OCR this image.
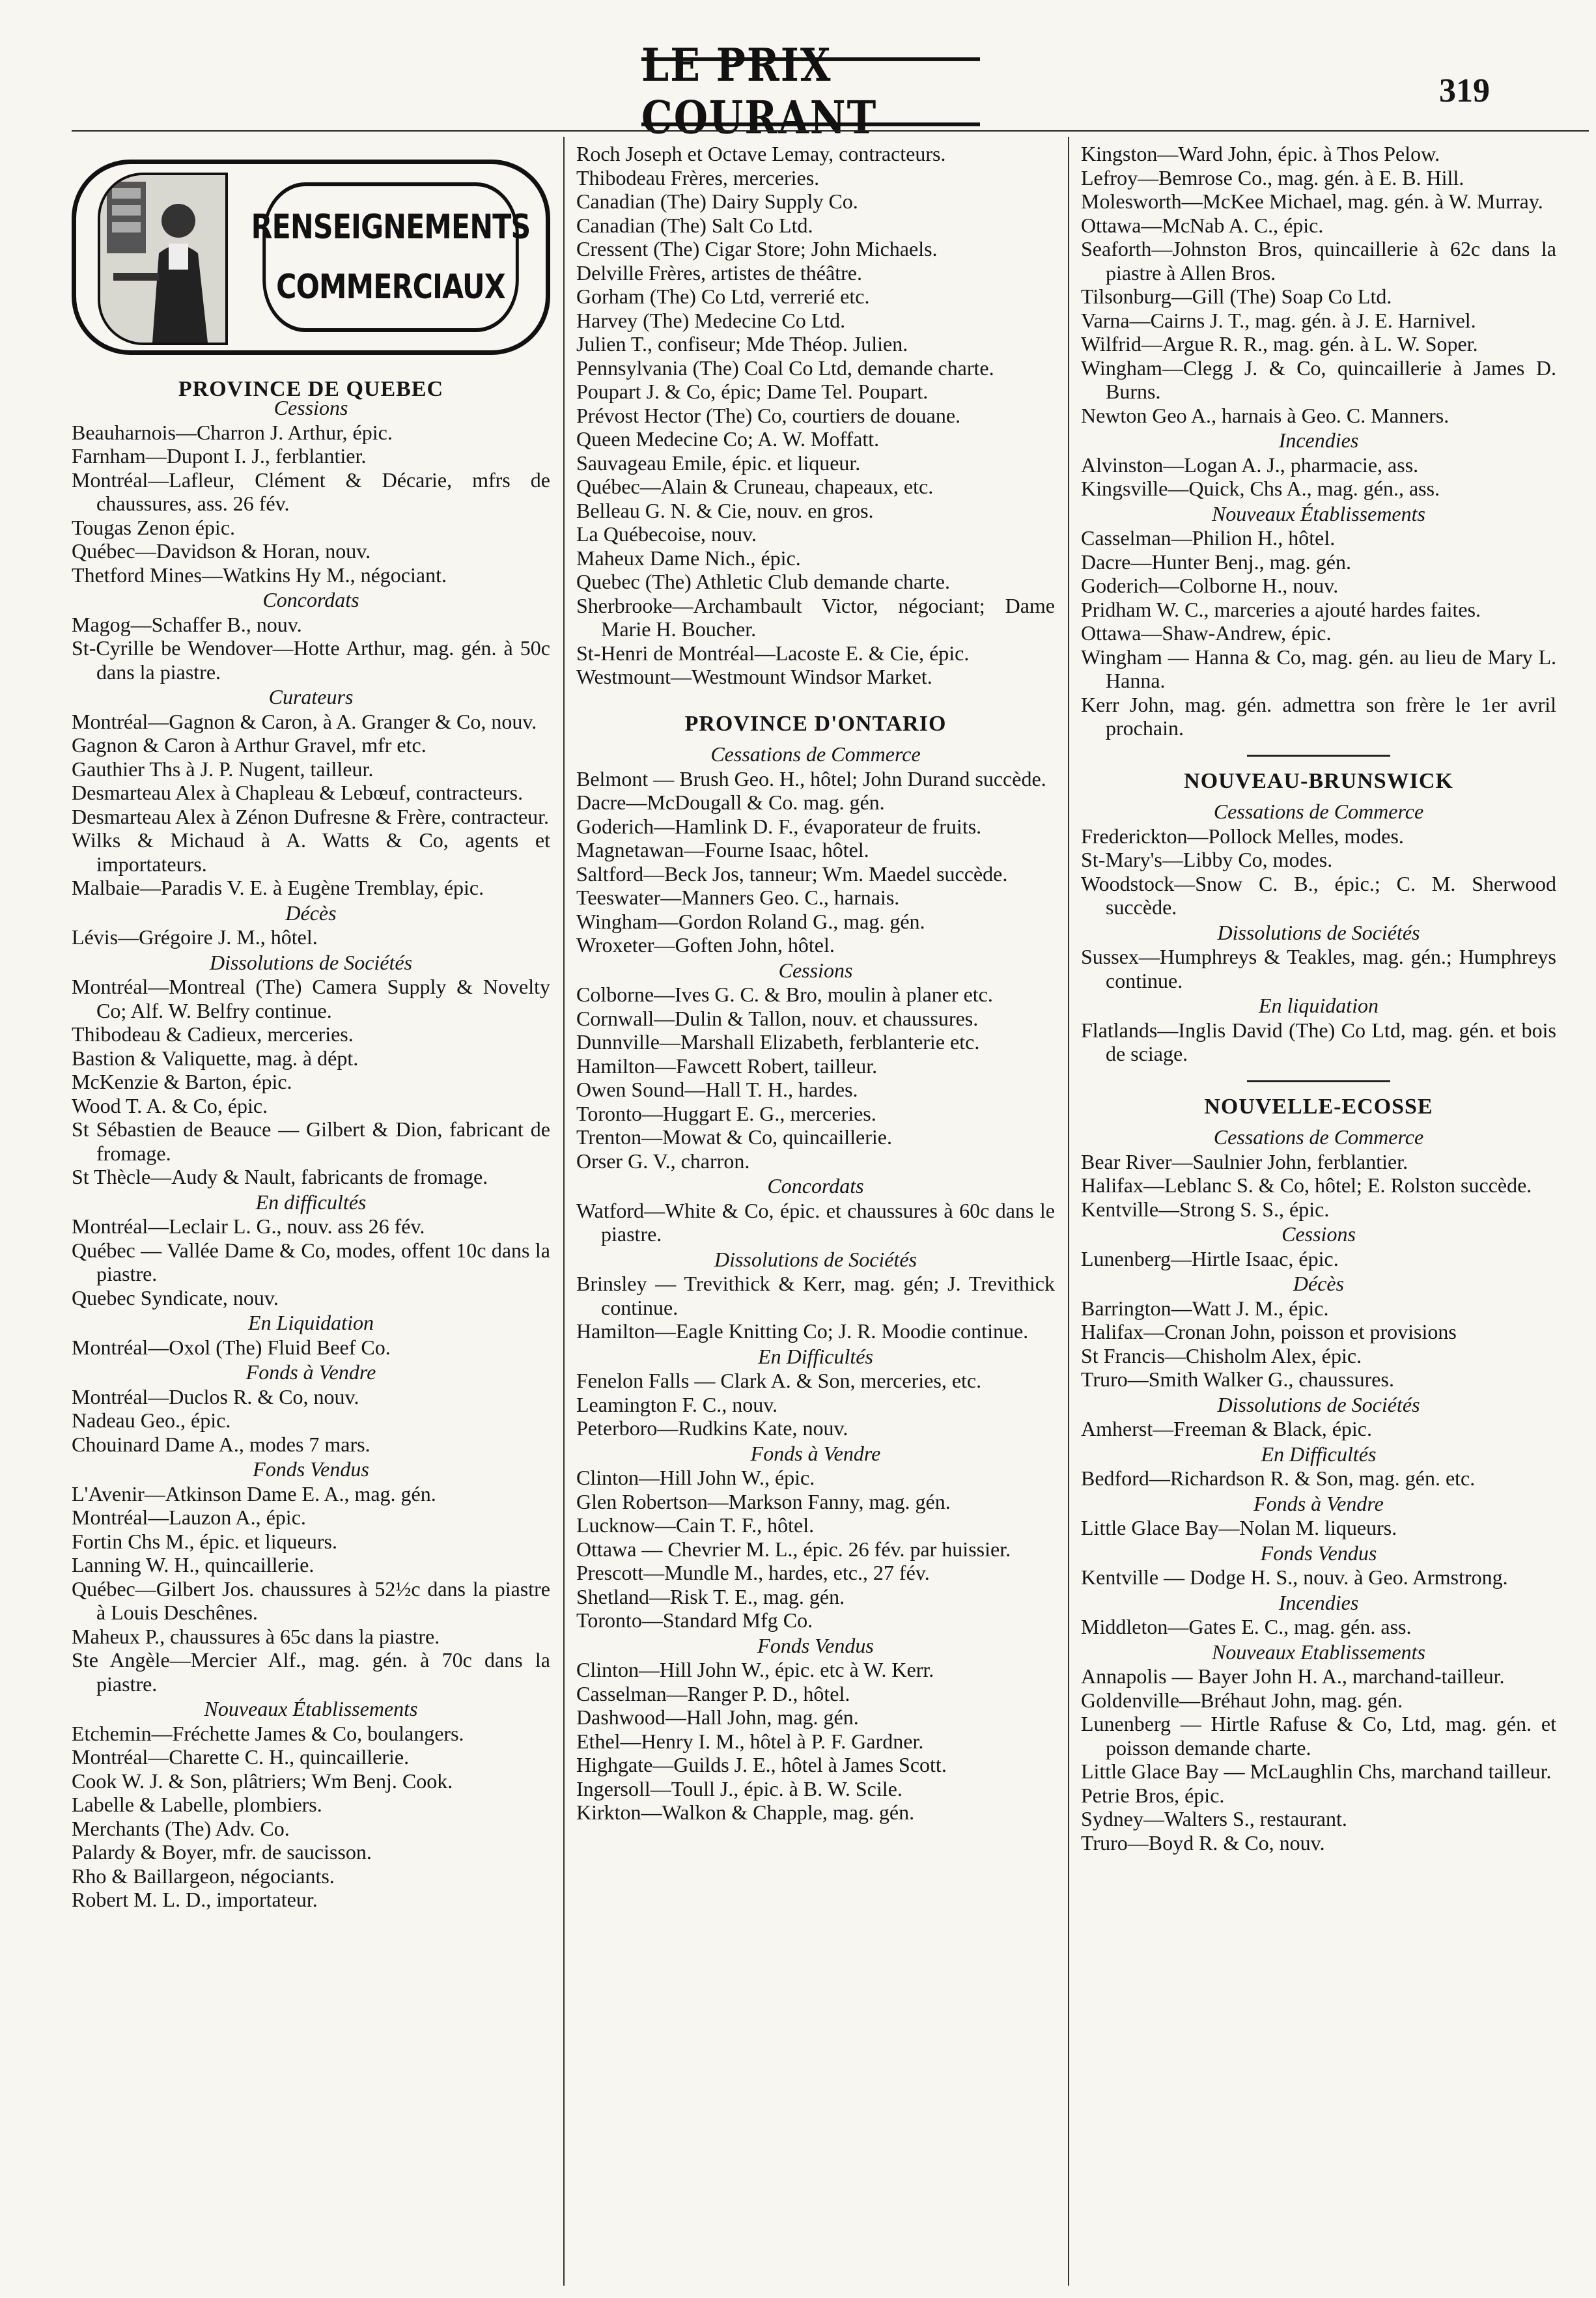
LE PRIX COURANT
319
RENSEIGNEMENTS
COMMERCIAUX
PROVINCE DE QUEBEC
Cessions
Beauharnois—Charron J. Arthur, épic.
Farnham—Dupont I. J., ferblantier.
Montréal—Lafleur, Clément & Décarie, mfrs de chaussures, ass. 26 fév.
Tougas Zenon épic.
Québec—Davidson & Horan, nouv.
Thetford Mines—Watkins Hy M., négociant.
Concordats
Magog—Schaffer B., nouv.
St-Cyrille be Wendover—Hotte Arthur, mag. gén. à 50c dans la piastre.
Curateurs
Montréal—Gagnon & Caron, à A. Granger & Co, nouv.
Gagnon & Caron à Arthur Gravel, mfr etc.
Gauthier Ths à J. P. Nugent, tailleur.
Desmarteau Alex à Chapleau & Lebœuf, contracteurs.
Desmarteau Alex à Zénon Dufresne & Frère, contracteur.
Wilks & Michaud à A. Watts & Co, agents et importateurs.
Malbaie—Paradis V. E. à Eugène Tremblay, épic.
Décès
Lévis—Grégoire J. M., hôtel.
Dissolutions de Sociétés
Montréal—Montreal (The) Camera Supply & Novelty Co; Alf. W. Belfry continue.
Thibodeau & Cadieux, merceries.
Bastion & Valiquette, mag. à dépt.
McKenzie & Barton, épic.
Wood T. A. & Co, épic.
St Sébastien de Beauce — Gilbert & Dion, fabricant de fromage.
St Thècle—Audy & Nault, fabricants de fromage.
En difficultés
Montréal—Leclair L. G., nouv. ass 26 fév.
Québec — Vallée Dame & Co, modes, offent 10c dans la piastre.
Quebec Syndicate, nouv.
En Liquidation
Montréal—Oxol (The) Fluid Beef Co.
Fonds à Vendre
Montréal—Duclos R. & Co, nouv.
Nadeau Geo., épic.
Chouinard Dame A., modes 7 mars.
Fonds Vendus
L'Avenir—Atkinson Dame E. A., mag. gén.
Montréal—Lauzon A., épic.
Fortin Chs M., épic. et liqueurs.
Lanning W. H., quincaillerie.
Québec—Gilbert Jos. chaussures à 52½c dans la piastre à Louis Deschênes.
Maheux P., chaussures à 65c dans la piastre.
Ste Angèle—Mercier Alf., mag. gén. à 70c dans la piastre.
Nouveaux Établissements
Etchemin—Fréchette James & Co, boulangers.
Montréal—Charette C. H., quincaillerie.
Cook W. J. & Son, plâtriers; Wm Benj. Cook.
Labelle & Labelle, plombiers.
Merchants (The) Adv. Co.
Palardy & Boyer, mfr. de saucisson.
Rho & Baillargeon, négociants.
Robert M. L. D., importateur.
Roch Joseph et Octave Lemay, contracteurs.
Thibodeau Frères, merceries.
Canadian (The) Dairy Supply Co.
Canadian (The) Salt Co Ltd.
Cressent (The) Cigar Store; John Michaels.
Delville Frères, artistes de théâtre.
Gorham (The) Co Ltd, verrerié etc.
Harvey (The) Medecine Co Ltd.
Julien T., confiseur; Mde Théop. Julien.
Pennsylvania (The) Coal Co Ltd, demande charte.
Poupart J. & Co, épic; Dame Tel. Poupart.
Prévost Hector (The) Co, courtiers de douane.
Queen Medecine Co; A. W. Moffatt.
Sauvageau Emile, épic. et liqueur.
Québec—Alain & Cruneau, chapeaux, etc.
Belleau G. N. & Cie, nouv. en gros.
La Québecoise, nouv.
Maheux Dame Nich., épic.
Quebec (The) Athletic Club demande charte.
Sherbrooke—Archambault Victor, négociant; Dame Marie H. Boucher.
St-Henri de Montréal—Lacoste E. & Cie, épic.
Westmount—Westmount Windsor Market.
PROVINCE D'ONTARIO
Cessations de Commerce
Belmont — Brush Geo. H., hôtel; John Durand succède.
Dacre—McDougall & Co. mag. gén.
Goderich—Hamlink D. F., évaporateur de fruits.
Magnetawan—Fourne Isaac, hôtel.
Saltford—Beck Jos, tanneur; Wm. Maedel succède.
Teeswater—Manners Geo. C., harnais.
Wingham—Gordon Roland G., mag. gén.
Wroxeter—Goften John, hôtel.
Cessions
Colborne—Ives G. C. & Bro, moulin à planer etc.
Cornwall—Dulin & Tallon, nouv. et chaussures.
Dunnville—Marshall Elizabeth, ferblanterie etc.
Hamilton—Fawcett Robert, tailleur.
Owen Sound—Hall T. H., hardes.
Toronto—Huggart E. G., merceries.
Trenton—Mowat & Co, quincaillerie.
Orser G. V., charron.
Concordats
Watford—White & Co, épic. et chaussures à 60c dans le piastre.
Dissolutions de Sociétés
Brinsley — Trevithick & Kerr, mag. gén; J. Trevithick continue.
Hamilton—Eagle Knitting Co; J. R. Moodie continue.
En Difficultés
Fenelon Falls — Clark A. & Son, merceries, etc.
Leamington F. C., nouv.
Peterboro—Rudkins Kate, nouv.
Fonds à Vendre
Clinton—Hill John W., épic.
Glen Robertson—Markson Fanny, mag. gén.
Lucknow—Cain T. F., hôtel.
Ottawa — Chevrier M. L., épic. 26 fév. par huissier.
Prescott—Mundle M., hardes, etc., 27 fév.
Shetland—Risk T. E., mag. gén.
Toronto—Standard Mfg Co.
Fonds Vendus
Clinton—Hill John W., épic. etc à W. Kerr.
Casselman—Ranger P. D., hôtel.
Dashwood—Hall John, mag. gén.
Ethel—Henry I. M., hôtel à P. F. Gardner.
Highgate—Guilds J. E., hôtel à James Scott.
Ingersoll—Toull J., épic. à B. W. Scile.
Kirkton—Walkon & Chapple, mag. gén.
Kingston—Ward John, épic. à Thos Pelow.
Lefroy—Bemrose Co., mag. gén. à E. B. Hill.
Molesworth—McKee Michael, mag. gén. à W. Murray.
Ottawa—McNab A. C., épic.
Seaforth—Johnston Bros, quincaillerie à 62c dans la piastre à Allen Bros.
Tilsonburg—Gill (The) Soap Co Ltd.
Varna—Cairns J. T., mag. gén. à J. E. Harnivel.
Wilfrid—Argue R. R., mag. gén. à L. W. Soper.
Wingham—Clegg J. & Co, quincaillerie à James D. Burns.
Newton Geo A., harnais à Geo. C. Manners.
Incendies
Alvinston—Logan A. J., pharmacie, ass.
Kingsville—Quick, Chs A., mag. gén., ass.
Nouveaux Établissements
Casselman—Philion H., hôtel.
Dacre—Hunter Benj., mag. gén.
Goderich—Colborne H., nouv.
Pridham W. C., marceries a ajouté hardes faites.
Ottawa—Shaw-Andrew, épic.
Wingham — Hanna & Co, mag. gén. au lieu de Mary L. Hanna.
Kerr John, mag. gén. admettra son frère le 1er avril prochain.
NOUVEAU-BRUNSWICK
Cessations de Commerce
Frederickton—Pollock Melles, modes.
St-Mary's—Libby Co, modes.
Woodstock—Snow C. B., épic.; C. M. Sherwood succède.
Dissolutions de Sociétés
Sussex—Humphreys & Teakles, mag. gén.; Humphreys continue.
En liquidation
Flatlands—Inglis David (The) Co Ltd, mag. gén. et bois de sciage.
NOUVELLE-ECOSSE
Cessations de Commerce
Bear River—Saulnier John, ferblantier.
Halifax—Leblanc S. & Co, hôtel; E. Rolston succède.
Kentville—Strong S. S., épic.
Cessions
Lunenberg—Hirtle Isaac, épic.
Décès
Barrington—Watt J. M., épic.
Halifax—Cronan John, poisson et provisions
St Francis—Chisholm Alex, épic.
Truro—Smith Walker G., chaussures.
Dissolutions de Sociétés
Amherst—Freeman & Black, épic.
En Difficultés
Bedford—Richardson R. & Son, mag. gén. etc.
Fonds à Vendre
Little Glace Bay—Nolan M. liqueurs.
Fonds Vendus
Kentville — Dodge H. S., nouv. à Geo. Armstrong.
Incendies
Middleton—Gates E. C., mag. gén. ass.
Nouveaux Etablissements
Annapolis — Bayer John H. A., marchand-tailleur.
Goldenville—Bréhaut John, mag. gén.
Lunenberg — Hirtle Rafuse & Co, Ltd, mag. gén. et poisson demande charte.
Little Glace Bay — McLaughlin Chs, marchand tailleur.
Petrie Bros, épic.
Sydney—Walters S., restaurant.
Truro—Boyd R. & Co, nouv.
